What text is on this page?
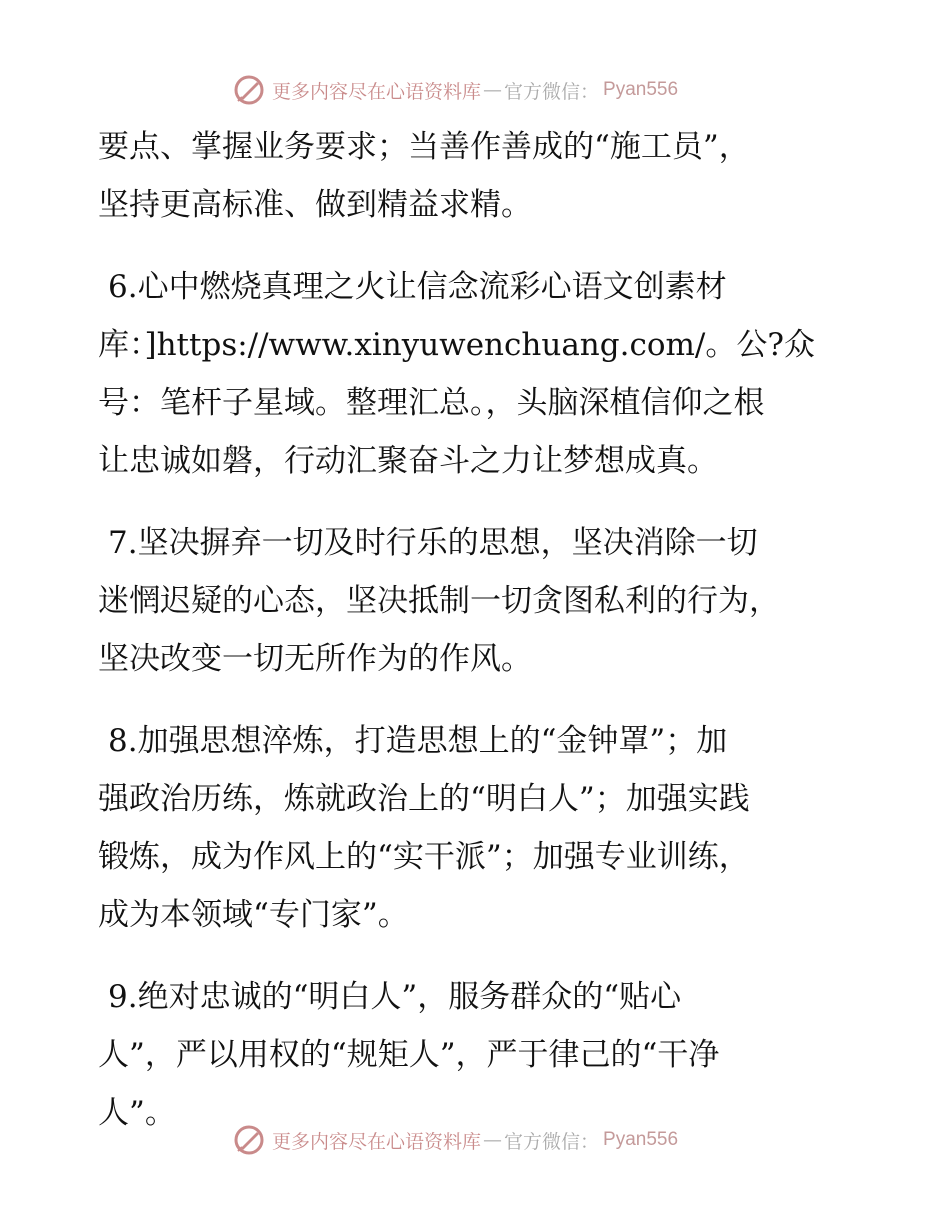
更多内容尽在心语资料库 — 官方微信 ： Pyan556
要点、掌握业务要求；当善作善成的“施工员”，
坚持更高标准、做到精益求精。
6.心中燃烧真理之火让信念流彩心语文创素材
库：]https://www.xinyuwenchuang.com/。公?众
号：笔杆子星域。整理汇总。，头脑深植信仰之根
让忠诚如磐，行动汇聚奋斗之力让梦想成真。
7.坚决摒弃一切及时行乐的思想，坚决消除一切
迷惘迟疑的心态，坚决抵制一切贪图私利的行为，
坚决改变一切无所作为的作风。
8.加强思想淬炼，打造思想上的“金钟罩”；加
强政治历练，炼就政治上的“明白人”；加强实践
锻炼，成为作风上的“实干派”；加强专业训练，
成为本领域“专门家”。
9.绝对忠诚的“明白人”，服务群众的“贴心
人”，严以用权的“规矩人”，严于律己的“干净
人”。
更多内容尽在心语资料库 — 官方微信 ： Pyan556
